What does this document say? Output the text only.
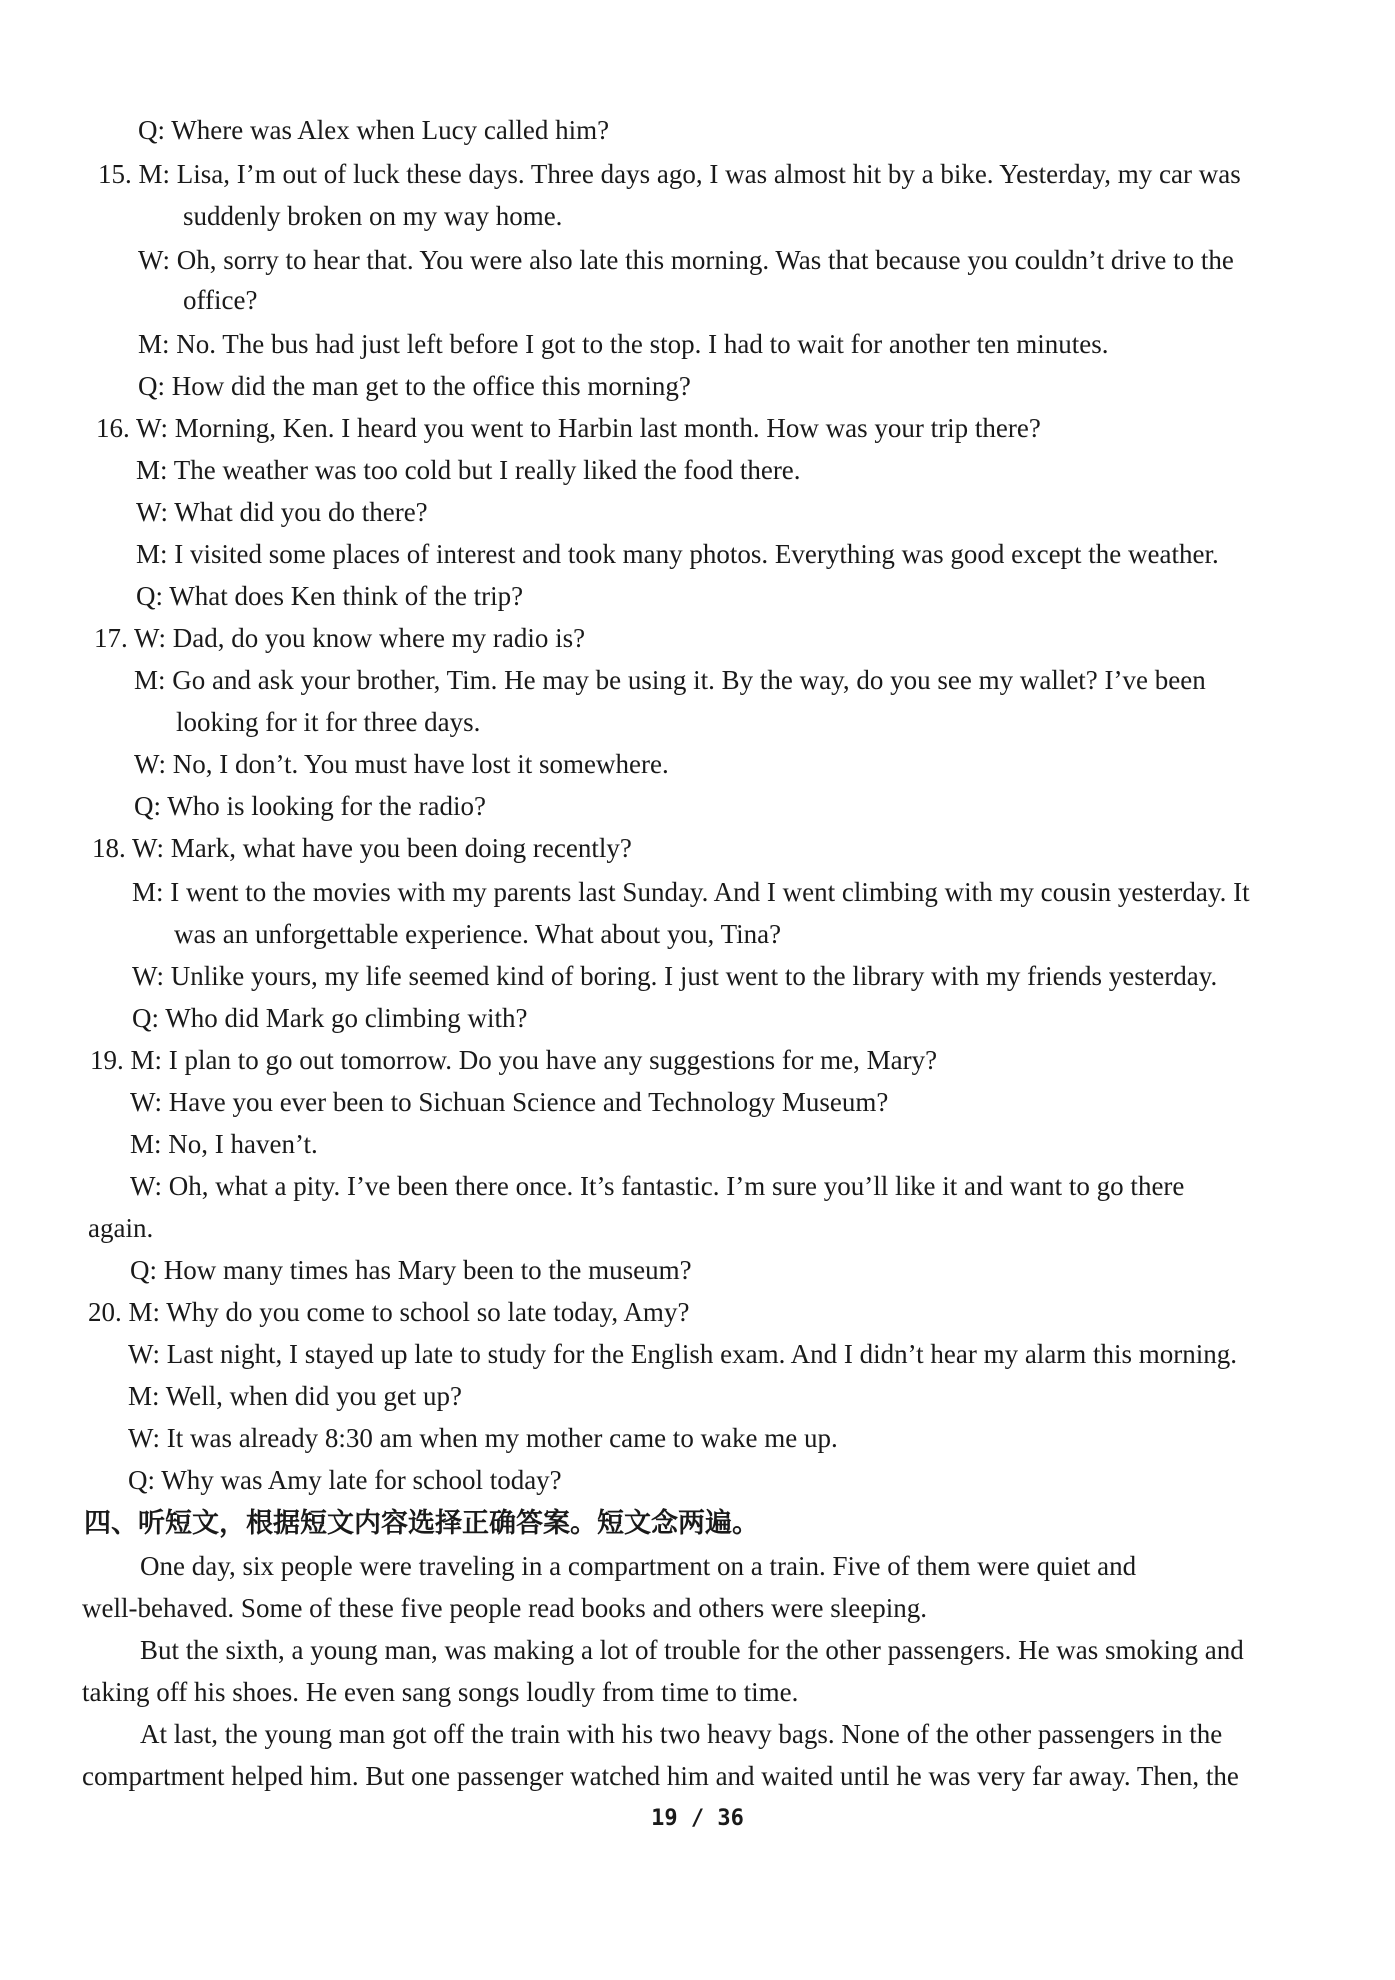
Q: Where was Alex when Lucy called him?
15. M: Lisa, I’m out of luck these days. Three days ago, I was almost hit by a bike. Yesterday, my car was
suddenly broken on my way home.
W: Oh, sorry to hear that. You were also late this morning. Was that because you couldn’t drive to the
office?
M: No. The bus had just left before I got to the stop. I had to wait for another ten minutes.
Q: How did the man get to the office this morning?
16. W: Morning, Ken. I heard you went to Harbin last month. How was your trip there?
M: The weather was too cold but I really liked the food there.
W: What did you do there?
M: I visited some places of interest and took many photos. Everything was good except the weather.
Q: What does Ken think of the trip?
17. W: Dad, do you know where my radio is?
M: Go and ask your brother, Tim. He may be using it. By the way, do you see my wallet? I’ve been
looking for it for three days.
W: No, I don’t. You must have lost it somewhere.
Q: Who is looking for the radio?
18. W: Mark, what have you been doing recently?
M: I went to the movies with my parents last Sunday. And I went climbing with my cousin yesterday. It
was an unforgettable experience. What about you, Tina?
W: Unlike yours, my life seemed kind of boring. I just went to the library with my friends yesterday.
Q: Who did Mark go climbing with?
19. M: I plan to go out tomorrow. Do you have any suggestions for me, Mary?
W: Have you ever been to Sichuan Science and Technology Museum?
M: No, I haven’t.
W: Oh, what a pity. I’ve been there once. It’s fantastic. I’m sure you’ll like it and want to go there
again.
Q: How many times has Mary been to the museum?
20. M: Why do you come to school so late today, Amy?
W: Last night, I stayed up late to study for the English exam. And I didn’t hear my alarm this morning.
M: Well, when did you get up?
W: It was already 8:30 am when my mother came to wake me up.
Q: Why was Amy late for school today?
四、听短文，根据短文内容选择正确答案。短文念两遍。
One day, six people were traveling in a compartment on a train. Five of them were quiet and
well-behaved. Some of these five people read books and others were sleeping.
But the sixth, a young man, was making a lot of trouble for the other passengers. He was smoking and
taking off his shoes. He even sang songs loudly from time to time.
At last, the young man got off the train with his two heavy bags. None of the other passengers in the
compartment helped him. But one passenger watched him and waited until he was very far away. Then, the
19 / 36
